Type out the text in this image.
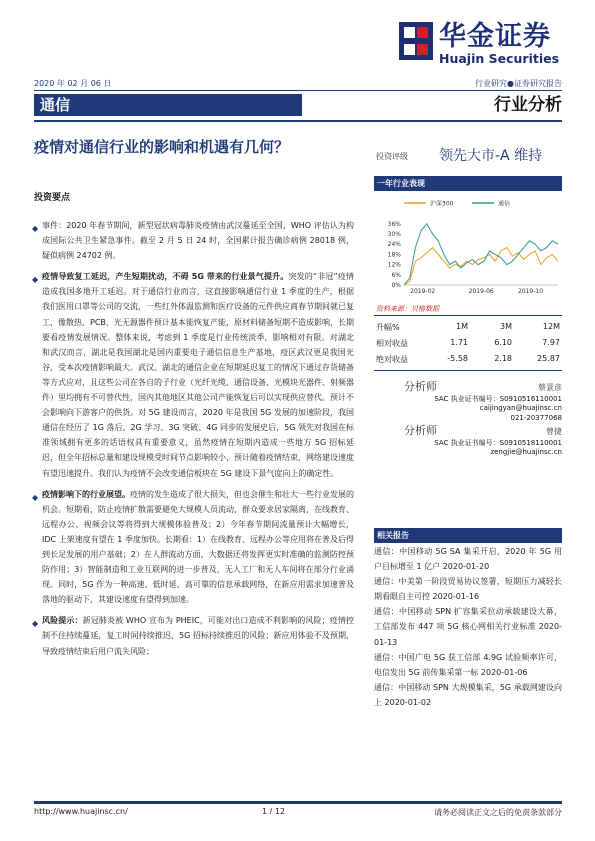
华金证券
Huajin Securities
2020 年 02 月 06 日	行业研究●证券研究报告
通信	行业分析
疫情对通信行业的影响和机遇有几何？
投资评级 领先大市-A 维持
投资要点
◆ 事件：2020 年春节期间，新型冠状病毒肺炎疫情由武汉蔓延至全国，WHO 评估认为构成国际公共卫生紧急事件。截至 2 月 5 日 24 时，全国累计报告确诊病例 28018 例，疑似病例 24702 例。
◆ 疫情导致复工延迟，产生短期扰动，不碍 5G 带来的行业景气提升。突发的“非冠”疫情造成我国多地开工延迟。对于通信行业而言，这直接影响通信行业 1 季度的生产，根据我们医用口罩等公司的交流，一些红外体温监测和医疗设备的元件供应商春节期间就已复工，像散热、PCB、光无源器件预计基本能恢复产能，原材料储备短期不造成影响，长期要看疫情发展情况。整体来说，考虑到 1 季度是行业传统淡季，影响相对有限。对湖北和武汉而言，湖北是我国湖北是国内重要电子通信信息生产基地，疫区武汉更是我国光谷，受本次疫情影响最大。武汉、湖北的通信企业在短期延迟复工的情况下通过存货储备等方式应对，且这些公司在各自的子行业（光纤光缆、通信设备、光模块光器件、射频器件）里均拥有不可替代性，国内其他地区其他公司产能恢复后可以实现供应替代。预计不会影响向下游客户的供货。对 5G 建设而言，2020 年是我国 5G 发展的加速阶段，我国通信在经历了 1G 落后、2G 学习、3G 突破、4G 同步的发展史后，5G 领先对我国在标准领域拥有更多的话语权具有重要意义，虽然疫情在短期内造成一些地方 5G 招标延迟，但全年招标总量和建设规模受时间节点影响较小，预计随着疫情结束，网络建设速度有望迅速提升。我们认为疫情不会改变通信板块在 5G 建设下景气度向上的确定性。
◆ 疫情影响下的行业展望。疫情的发生造成了很大损失，但也会催生和壮大一些行业发展的机会。短期看，防止疫情扩散需要避免大规模人员流动，群众要求居家隔离，在线教育、远程办公、视频会议等将得到大规模体验普及；2）今年春节期间流量预计大幅增长，IDC 上架速度有望在 1 季度加快。长期看：1）在线教育、远程办公等应用将在普及后得到长足发展的用户基础；2）在人群流动方面，大数据还将发挥更实时准确的监测防控预防作用；3）智能制造和工业互联网的进一步普及，无人工厂和无人车间将在部分行业涌现。同时，5G 作为一种高速、低时延、高可靠的信息承载网络，在新应用需求加速普及落地的驱动下，其建设速度有望得到加速。
◆ 风险提示：新冠肺炎被 WHO 宣布为 PHEIC，可能对出口造成不利影响的风险；疫情控制不住持续蔓延，复工时间持续推迟、5G 招标持续推迟的风险；新应用体验不及预期，导致疫情结束后用户流失风险；
一年行业表现
沪深300	通信
36%
30%
24%
18%
12%
6%
0%
2019-02	2019-06	2019-10
资料来源：贝格数据
升幅%	1M	3M	12M
相对收益	1.71	6.10	7.97
绝对收益	-5.58	2.18	25.87
分析师	蔡景彦
SAC 执业证书编号：S0910516110001
caijingyan@huajinsc.cn
021-20377068
分析师	曾捷
SAC 执业证书编号：S0910518110001
zengjie@huajinsc.cn
相关报告
通信：中国移动 5G SA 集采开启，2020 年 5G 用户目标增至 1 亿户 2020-01-20
通信：中美第一阶段贸易协议签署，短期压力减轻长期看眼自主可控 2020-01-16
通信：中国移动 SPN 扩容集采拉动承载建设大幕，工信部发布 447 项 5G 核心网相关行业标准 2020-01-13
通信：中国广电 5G 获工信部 4.9G 试验频率许可，电信发出 5G 前传集采第一标 2020-01-06
通信：中国移动 SPN 大规模集采，5G 承载网建设向上 2020-01-02
http://www.huajinsc.cn/	1 / 12	请务必阅读正文之后的免责条款部分
